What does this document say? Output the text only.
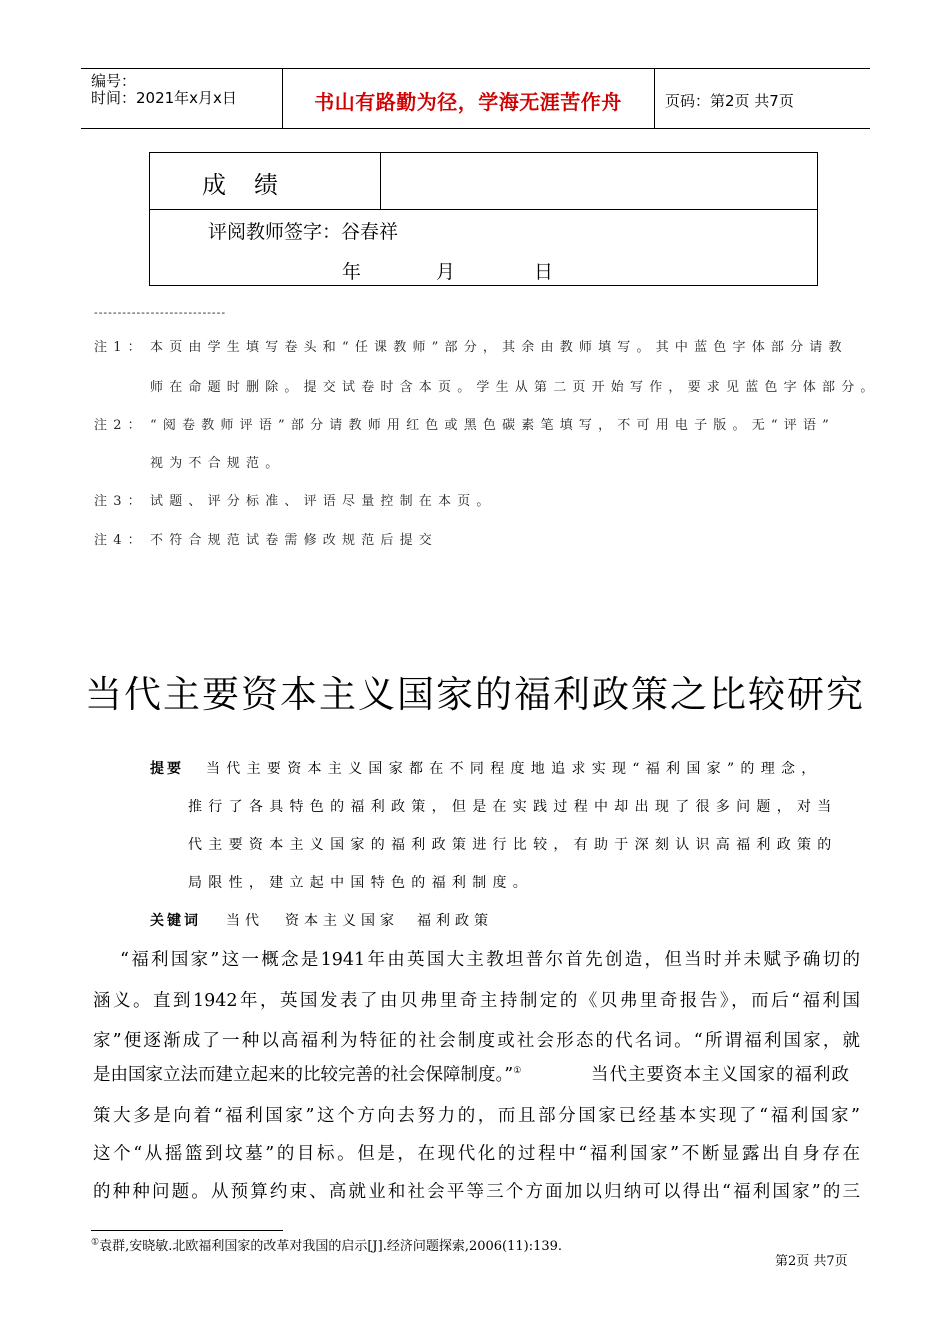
编号：
时间：2021年x月x日	书山有路勤为径，学海无涯苦作舟	页码：第2页 共7页
成绩
评阅教师签字：谷春祥
年	月	日
----------------------------
注1： 本页由学生填写卷头和“任课教师”部分，其余由教师填写。其中蓝色字体部分请教
师在命题时删除。提交试卷时含本页。学生从第二页开始写作，要求见蓝色字体部分。
注2： “阅卷教师评语”部分请教师用红色或黑色碳素笔填写，不可用电子版。无“评语”
视为不合规范。
注3： 试题、评分标准、评语尽量控制在本页。
注4： 不符合规范试卷需修改规范后提交
当代主要资本主义国家的福利政策之比较研究
提要 当代主要资本主义国家都在不同程度地追求实现“福利国家”的理念，
推行了各具特色的福利政策，但是在实践过程中却出现了很多问题，对当
代主要资本主义国家的福利政策进行比较，有助于深刻认识高福利政策的
局限性，建立起中国特色的福利制度。
关键词 当代 资本主义国家 福利政策
“福利国家”这一概念是1941年由英国大主教坦普尔首先创造，但当时并未赋予确切的
涵义。直到1942年，英国发表了由贝弗里奇主持制定的《贝弗里奇报告》，而后“福利国
家”便逐渐成了一种以高福利为特征的社会制度或社会形态的代名词。“所谓福利国家，就
是由国家立法而建立起来的比较完善的社会保障制度。”①	当代主要资本主义国家的福利政
策大多是向着“福利国家”这个方向去努力的，而且部分国家已经基本实现了“福利国家”
这个“从摇篮到坟墓”的目标。但是，在现代化的过程中“福利国家”不断显露出自身存在
的种种问题。从预算约束、高就业和社会平等三个方面加以归纳可以得出“福利国家”的三
①袁群,安晓敏.北欧福利国家的改革对我国的启示[J].经济问题探索,2006(11):139.
第2页 共7页
